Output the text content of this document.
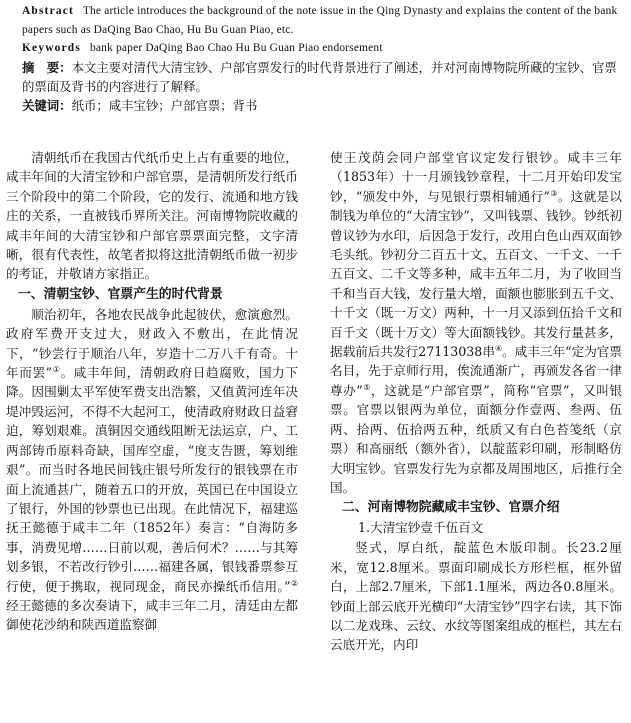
Abstract The article introduces the background of the note issue in the Qing Dynasty and explains the content of the bank papers such as DaQing Bao Chao, Hu Bu Guan Piao, etc.

Keywords bank paper DaQing Bao Chao Hu Bu Guan Piao endorsement

摘　要：本文主要对清代大清宝钞、户部官票发行的时代背景进行了阐述，并对河南博物院所藏的宝钞、官票的票面及背书的内容进行了解释。

关键词：纸币；咸丰宝钞；户部官票；背书

清朝纸币在我国古代纸币史上占有重要的地位，咸丰年间的大清宝钞和户部官票，是清朝所发行纸币三个阶段中的第二个阶段，它的发行、流通和地方钱庄的关系，一直被钱币界所关注。河南博物院收藏的咸丰年间的大清宝钞和户部官票票面完整，文字清晰，很有代表性，故笔者拟将这批清朝纸币做一初步的考证，并敬请方家指正。

一、清朝宝钞、官票产生的时代背景

顺治初年，各地农民战争此起彼伏，愈演愈烈。政府军费开支过大，财政入不敷出，在此情况下，“钞尝行于顺治八年，岁造十二万八千有奇。十年而罢”①。咸丰年间，清朝政府日趋腐败，国力下降。因围剿太平军使军费支出浩繁，又值黄河连年决堤冲毁运河，不得不大起河工，使清政府财政日益窘迫，筹划艰难。滇铜因交通线阻断无法运京，户、工两部铸币原料奇缺，国库空虚，“度支告匮，筹划维艰”。而当时各地民间钱庄银号所发行的银钱票在市面上流通甚广，随着五口的开放，英国已在中国设立了银行，外国的钞票也已出现。在此情况下，福建巡抚王懿德于咸丰二年（1852年）奏言：“自海防多事，消费见增……日前以观，善后何术？……与其筹划多银，不若改行钞引……福建各属，银钱番票参互行使，便于携取，视同现金，商民亦操纸币信用。”②经王懿德的多次奏请下，咸丰三年二月，清廷由左都御使花沙纳和陕西道监察御

使王茂荫会同户部堂官议定发行银钞。咸丰三年（1853年）十一月颁钱钞章程，十二月开始印发宝钞，“颁发中外，与见银行票相辅通行”③。这就是以制钱为单位的“大清宝钞”，又叫钱票、钱钞。钞纸初曾议钞为水印，后因急于发行，改用白色山西双面钞毛头纸。钞初分二百五十文、五百文、一千文、一千五百文、二千文等多种，咸丰五年二月，为了收回当千和当百大钱，发行量大增，面额也膨胀到五千文、十千文（既一万文）两种，十一月又添到伍拾千文和百千文（既十万文）等大面额钱钞。其发行量甚多，据载前后共发行27113038串④。咸丰三年“定为官票名目，先于京师行用，俟流通渐广，再颁发各省一律尊办”⑤，这就是“户部官票”，简称“官票”，又叫银票。官票以银两为单位，面额分作壹两、叁两、伍两、拾两、伍拾两五种，纸质又有白色苔笺纸（京票）和高丽纸（额外省），以靛蓝彩印刷，形制略仿大明宝钞。官票发行先为京都及周围地区，后推行全国。

二、河南博物院藏咸丰宝钞、官票介绍
1.大清宝钞壹千伍百文

竖式，厚白纸，靛蓝色木版印制。长23.2厘米，宽12.8厘米。票面印刷成长方形栏框，框外留白，上部2.7厘米，下部1.1厘米，两边各0.8厘米。钞面上部云底开光横印“大清宝钞”四字右读，其下饰以二龙戏珠、云纹、水纹等图案组成的框栏，其左右云底开光，内印
